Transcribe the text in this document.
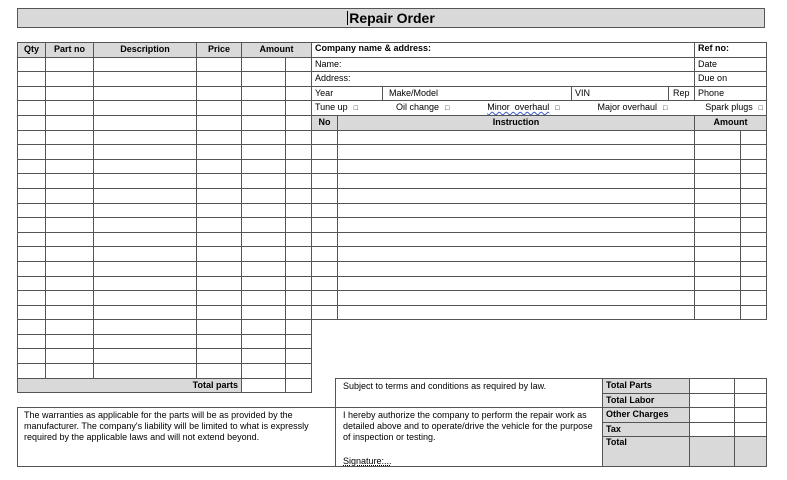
Repair Order
Qty	Part no	Description	Price	Amount	

Total parts					
Company name & address:					Ref no:	

Name:					Date	
Address:					Due on	
Year		Make/Model	VIN	Rep	Phone	

Tune up □ Oil change □ Minor  overhaul □ Major overhaul □ Spark plugs □						

No	Instruction				Amount	

Subject to terms and conditions as required by law.
The warranties as applicable for the parts will be as provided by the manufacturer. The company's liability will be limited to what is expressly required by the applicable laws and will not extend beyond.
I hereby authorize the company to perform the repair work as detailed above and to operate/drive the vehicle for the purpose of inspection or testing.
Signature:...
Total Parts		
Total Labor		
Other Charges		
Tax		
Total		
